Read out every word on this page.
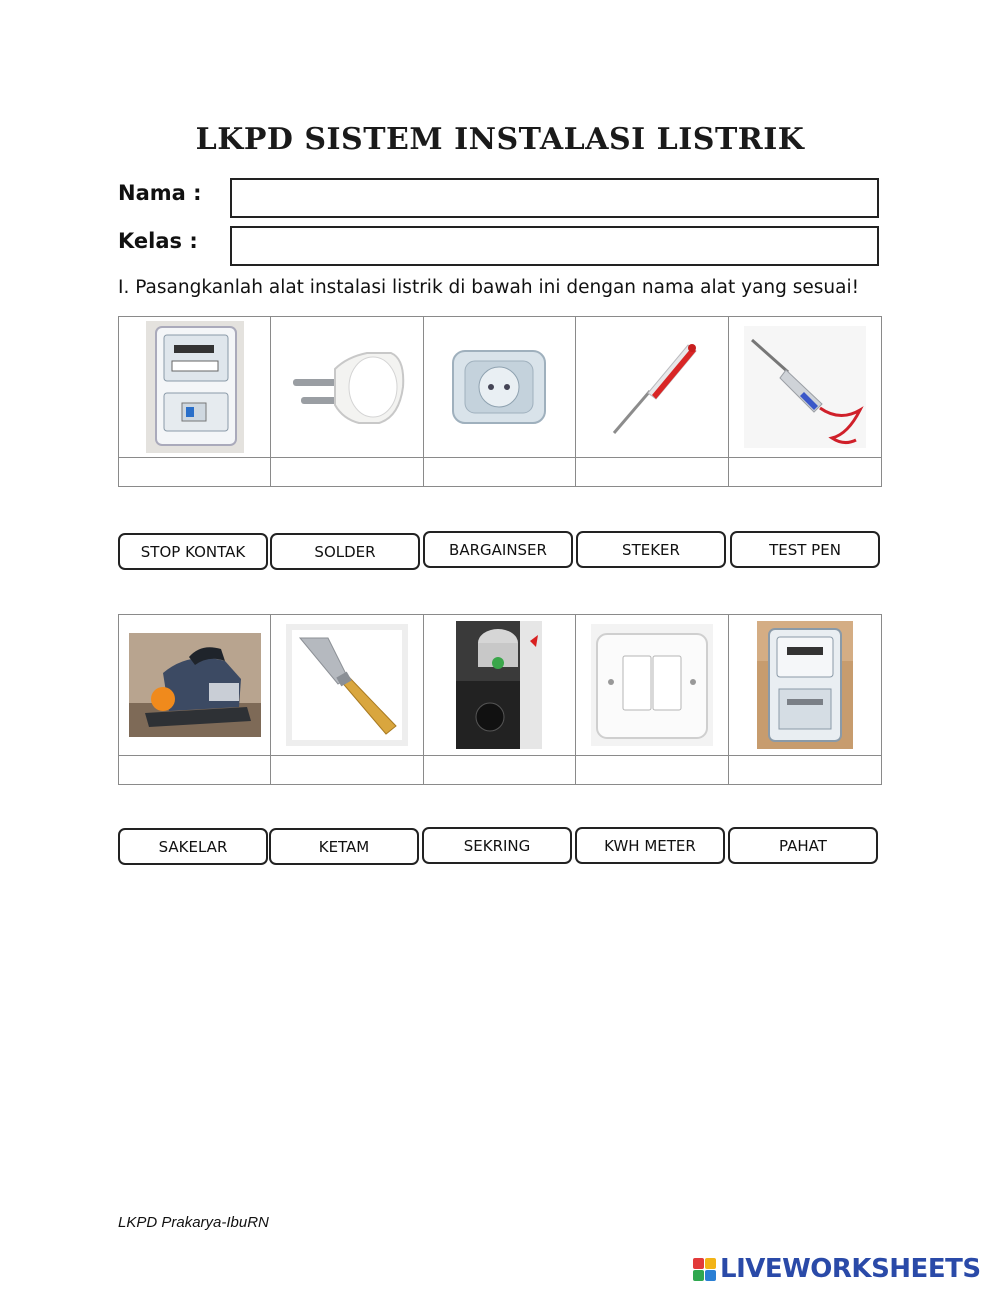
LKPD SISTEM INSTALASI LISTRIK
Nama :
Kelas :
I. Pasangkanlah alat instalasi listrik di bawah ini dengan nama alat yang sesuai!
STOP KONTAK	SOLDER	BARGAINSER	STEKER	TEST PEN
SAKELAR	KETAM	SEKRING	KWH METER	PAHAT
LKPD Prakarya-IbuRN
LIVEWORKSHEETS
